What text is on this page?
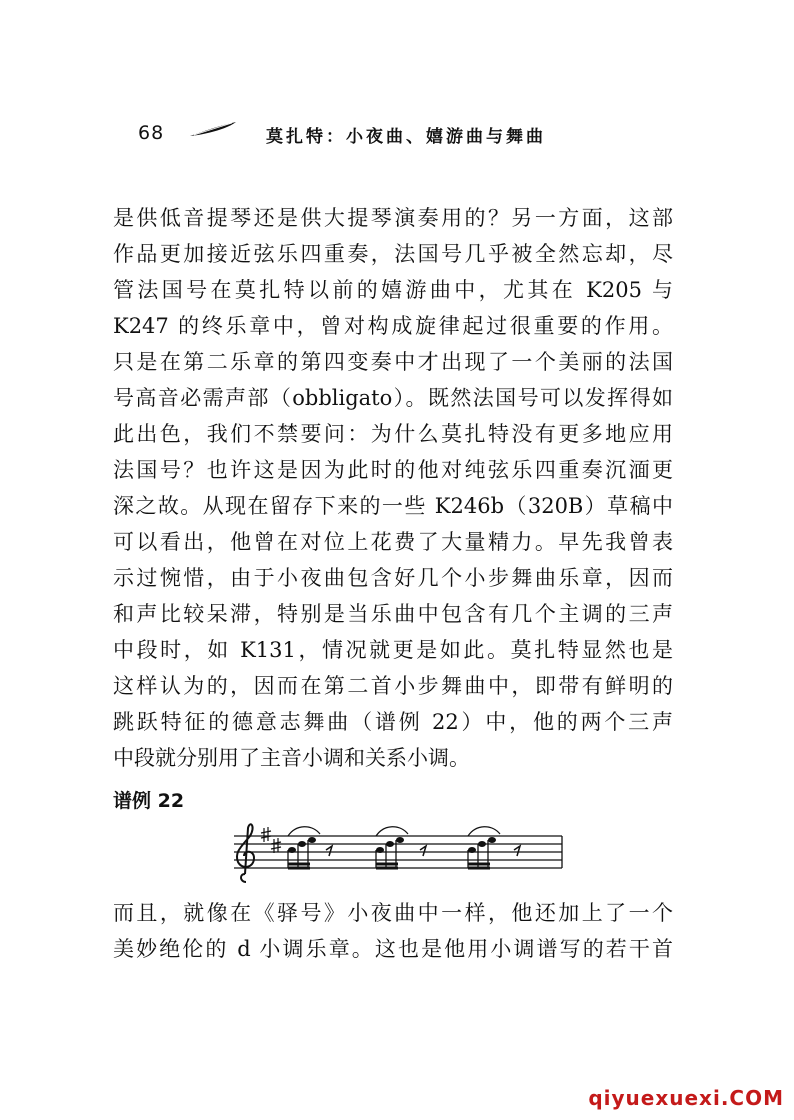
68	莫扎特：小夜曲、嬉游曲与舞曲

是供低音提琴还是供大提琴演奏用的？另一方面，这部
作品更加接近弦乐四重奏，法国号几乎被全然忘却，尽
管法国号在莫扎特以前的嬉游曲中，尤其在 K205 与
K247 的终乐章中，曾对构成旋律起过很重要的作用。
只是在第二乐章的第四变奏中才出现了一个美丽的法国
号高音必需声部（obbligato）。既然法国号可以发挥得如
此出色，我们不禁要问：为什么莫扎特没有更多地应用
法国号？也许这是因为此时的他对纯弦乐四重奏沉湎更
深之故。从现在留存下来的一些 K246b（320B）草稿中
可以看出，他曾在对位上花费了大量精力。早先我曾表
示过惋惜，由于小夜曲包含好几个小步舞曲乐章，因而
和声比较呆滞，特别是当乐曲中包含有几个主调的三声
中段时，如 K131，情况就更是如此。莫扎特显然也是
这样认为的，因而在第二首小步舞曲中，即带有鲜明的
跳跃特征的德意志舞曲（谱例 22）中，他的两个三声
中段就分别用了主音小调和关系小调。

谱例 22

而且，就像在《驿号》小夜曲中一样，他还加上了一个
美妙绝伦的 d 小调乐章。这也是他用小调谱写的若干首

qiyuexuexi.COM
